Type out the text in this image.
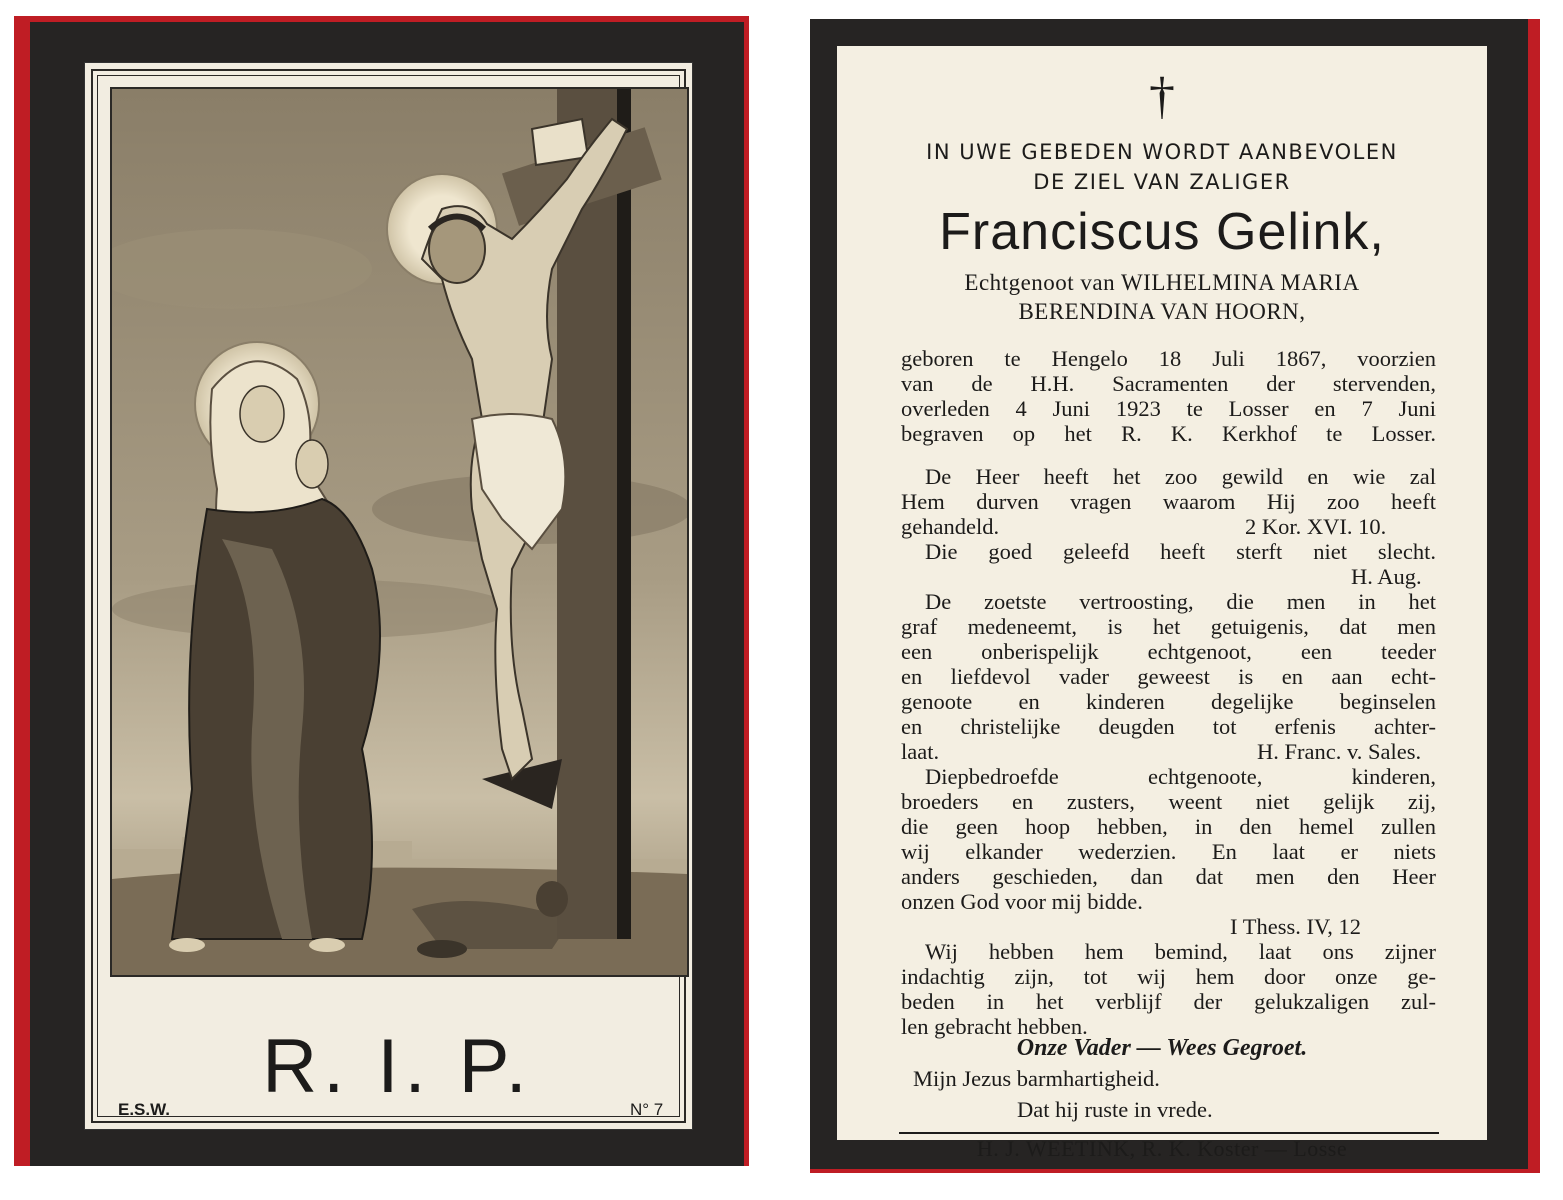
R. I. P.
E.S.W.	N° 7
†
IN UWE GEBEDEN WORDT AANBEVOLEN
DE ZIEL VAN ZALIGER
Franciscus Gelink,
Echtgenoot van WILHELMINA MARIA
BERENDINA VAN HOORN,
geboren te Hengelo 18 Juli 1867, voorzien
van de H.H. Sacramenten der stervenden,
overleden 4 Juni 1923 te Losser en 7 Juni
begraven op het R. K. Kerkhof te Losser.
De Heer heeft het zoo gewild en wie zal
Hem durven vragen waarom Hij zoo heeft
gehandeld.	2 Kor. XVI. 10.
Die goed geleefd heeft sterft niet slecht.
H. Aug.
De zoetste vertroosting, die men in het
graf medeneemt, is het getuigenis, dat men
een onberispelijk echtgenoot, een teeder
en liefdevol vader geweest is en aan echt-
genoote en kinderen degelijke beginselen
en christelijke deugden tot erfenis achter-
laat.	H. Franc. v. Sales.
Diepbedroefde echtgenoote, kinderen,
broeders en zusters, weent niet gelijk zij,
die geen hoop hebben, in den hemel zullen
wij elkander wederzien. En laat er niets
anders geschieden, dan dat men den Heer
onzen God voor mij bidde.
I Thess. IV, 12
Wij hebben hem bemind, laat ons zijner
indachtig zijn, tot wij hem door onze ge-
beden in het verblijf der gelukzaligen zul-
len gebracht hebben.
Onze Vader — Wees Gegroet.
Mijn Jezus barmhartigheid.
Dat hij ruste in vrede.
H. J. WEETINK, R. K. Koster — Losse
